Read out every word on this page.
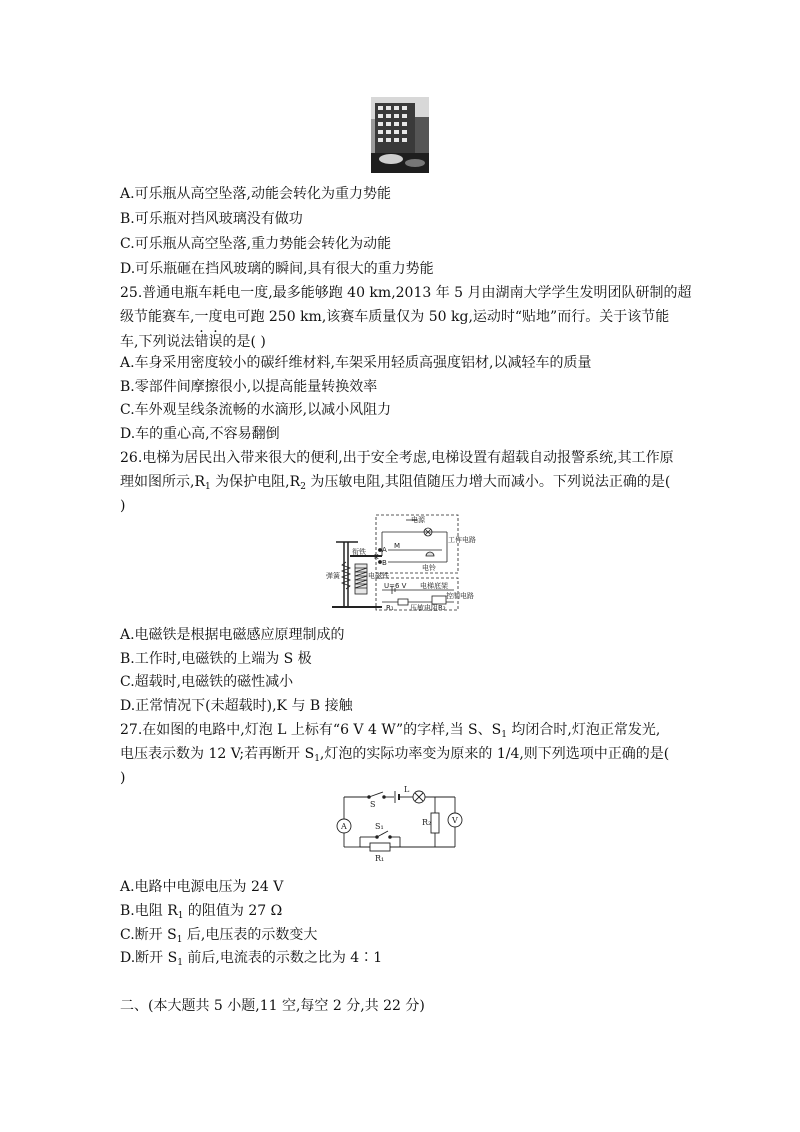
A.可乐瓶从高空坠落,动能会转化为重力势能
B.可乐瓶对挡风玻璃没有做功
C.可乐瓶从高空坠落,重力势能会转化为动能
D.可乐瓶砸在挡风玻璃的瞬间,具有很大的重力势能
25.普通电瓶车耗电一度,最多能够跑 40 km,2013 年 5 月由湖南大学学生发明团队研制的超
级节能赛车,一度电可跑 250 km,该赛车质量仅为 50 kg,运动时“贴地”而行。关于该节能
车,下列说法错误的是( )
A.车身采用密度较小的碳纤维材料,车架采用轻质高强度铝材,以减轻车的质量
B.零部件间摩擦很小,以提高能量转换效率
C.车外观呈线条流畅的水滴形,以减小风阻力
D.车的重心高,不容易翻倒
26.电梯为居民出入带来很大的便利,出于安全考虑,电梯设置有超载自动报警系统,其工作原
理如图所示$,R_1$ 为保护电阻$,R_2$ 为压敏电阻,其阻值随压力增大而减小。下列说法正确的是(
)
电源
工作电路
电铃
衔铁
弹簧	电磁铁
U=6 V 电梯底架
控制电路
R₁ 压敏电阻R₂
A
B
K
M
A.电磁铁是根据电磁感应原理制成的
B.工作时,电磁铁的上端为 S 极
C.超载时,电磁铁的磁性减小
D.正常情况下(未超载时),K 与 B 接触
27.在如图的电路中,灯泡 L 上标有“6 V 4 W”的字样,当 S、$S_1$ 均闭合时,灯泡正常发光,
电压表示数为 12 V;若再断开 $S_1$,灯泡的实际功率变为原来的 1/4,则下列选项中正确的是(
)
S
L
S₁
R₁
R₂
A
V
A.电路中电源电压为 24 V
B.电阻 $R_1$ 的阻值为 27 Ω
C.断开 $S_1$ 后,电压表的示数变大
D.断开 $S_1$ 前后,电流表的示数之比为 4∶1
二、(本大题共 5 小题,11 空,每空 2 分,共 22 分)
